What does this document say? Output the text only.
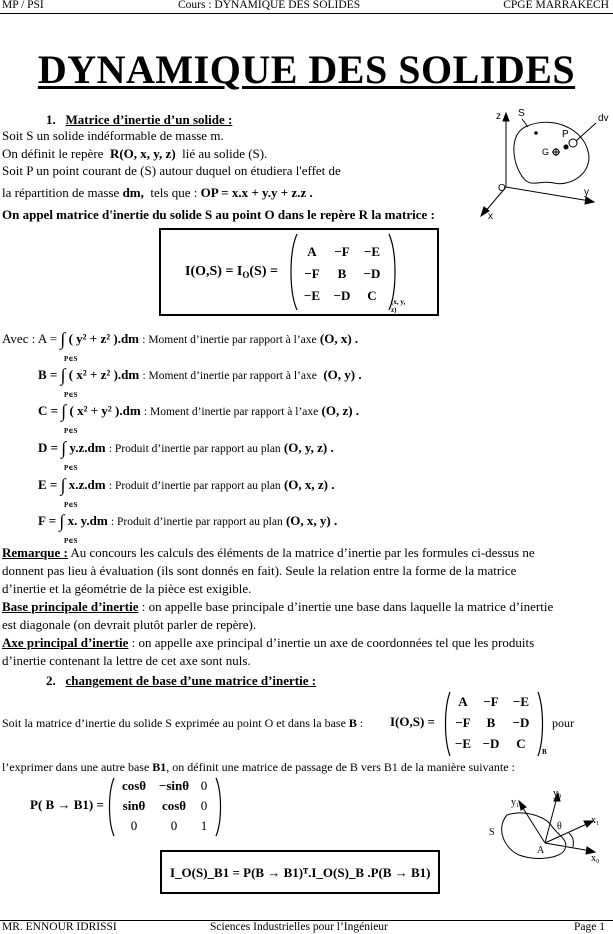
MP / PSI	Cours : DYNAMIQUE DES SOLIDES	CPGE MARRAKECH
DYNAMIQUE DES SOLIDES
1. Matrice d’inertie d’un solide :
Soit S un solide indéformable de masse m.
On définit le repère R(O, x, y, z) lié au solide (S).
Soit P un point courant de (S) autour duquel on étudiera l'effet de
la répartition de masse dm, tels que : OP = x.x + y.y + z.z .
On appel matrice d'inertie du solide S au point O dans le repère R la matrice :
z S	dv
P
G
O	y
x
$I(O,S) = I_O(S)$ =
A	−F	−E
−F	B	−D
−E	−D	C	(x, y, z)
Avec : A = ∫ ( y² + z² ).dm : Moment d’inertie par rapport à l’axe (O, x) .
P∈S
B = ∫ ( x² + z² ).dm : Moment d’inertie par rapport à l’axe (O, y) .
P∈S
C = ∫ ( x² + y² ).dm : Moment d’inertie par rapport à l’axe (O, z) .
P∈S
D = ∫ y.z.dm : Produit d’inertie par rapport au plan (O, y, z) .
P∈S
E = ∫ x.z.dm : Produit d’inertie par rapport au plan (O, x, z) .
P∈S
F = ∫ x. y.dm : Produit d’inertie par rapport au plan (O, x, y) .
P∈S
Remarque : Au concours les calculs des éléments de la matrice d’inertie par les formules ci-dessus ne
donnent pas lieu à évaluation (ils sont donnés en fait). Seule la relation entre la forme de la matrice
d’inertie et la géométrie de la pièce est exigible.
Base principale d’inertie : on appelle base principale d’inertie une base dans laquelle la matrice d’inertie
est diagonale (on devrait plutôt parler de repère).
Axe principal d’inertie : on appelle axe principal d’inertie un axe de coordonnées tel que les produits
d’inertie contenant la lettre de cet axe sont nuls.
2. changement de base d’une matrice d’inertie :
Soit la matrice d’inertie du solide S exprimée au point O et dans la base B : I(O,S) =
A	−F	−E
−F	B	−D
−E −D	C
B
pour
l’exprimer dans une autre base B1, on définit une matrice de passage de B vers B1 de la manière suivante :
P( B → B1) =
cosθ −sinθ 0
sinθ	cosθ	0
0	0	1
y₁
y₀
x₁
x₀
θ
S
A
I_O(S)_B1 = P(B → B1)ᵀ.I_O(S)_B .P(B → B1)
MR. ENNOUR IDRISSI	Sciences Industrielles pour l’Ingénieur	Page 1
